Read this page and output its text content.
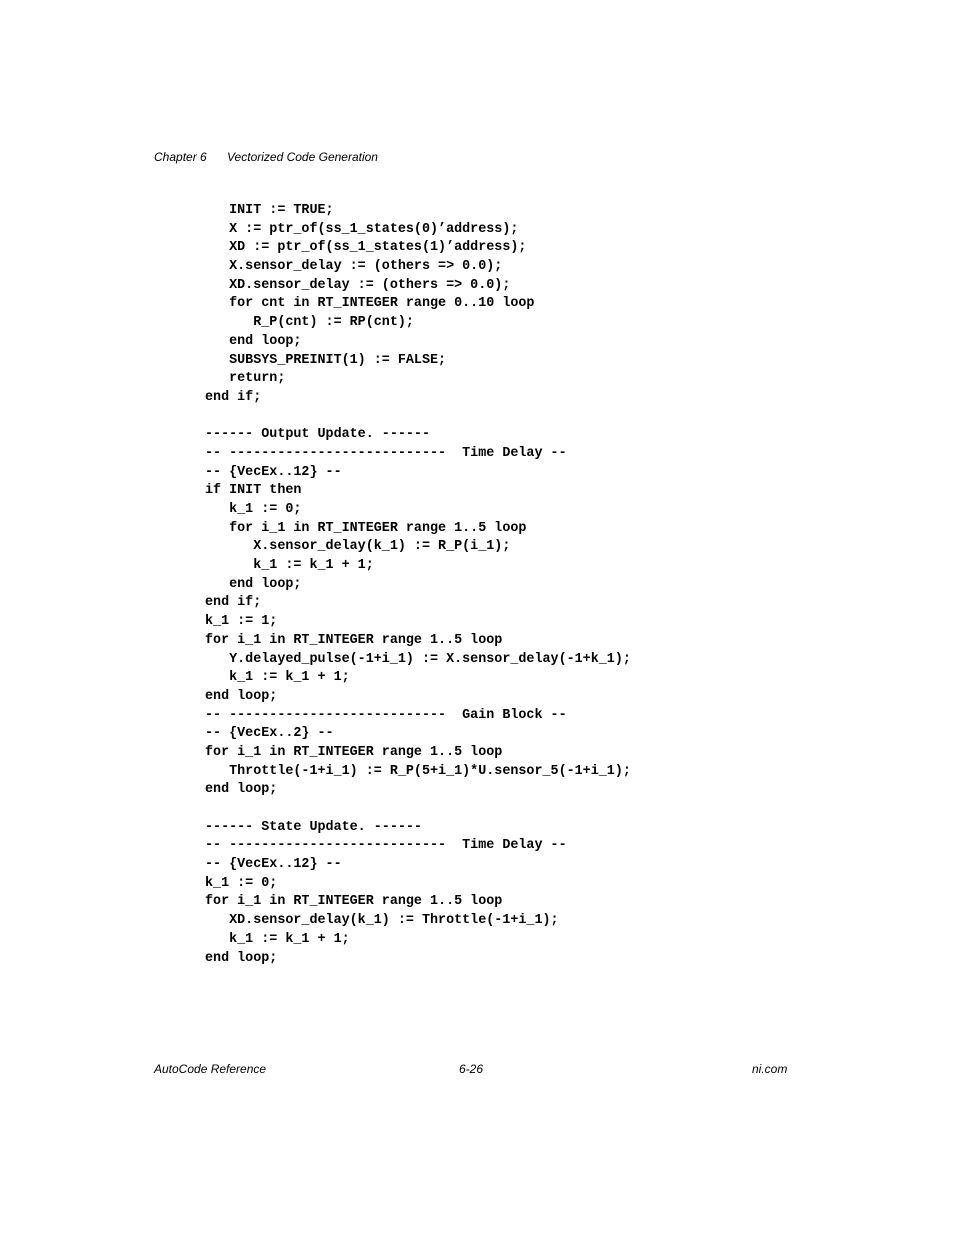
Chapter 6 Vectorized Code Generation
INIT := TRUE;
X := ptr_of(ss_1_states(0)’address);
XD := ptr_of(ss_1_states(1)’address);
X.sensor_delay := (others => 0.0);
XD.sensor_delay := (others => 0.0);
for cnt in RT_INTEGER range 0..10 loop
R_P(cnt) := RP(cnt);
end loop;
SUBSYS_PREINIT(1) := FALSE;
return;
end if;
------ Output Update. ------
-- ---------------------------  Time Delay --
-- {VecEx..12} --
if INIT then
k_1 := 0;
for i_1 in RT_INTEGER range 1..5 loop
X.sensor_delay(k_1) := R_P(i_1);
k_1 := k_1 + 1;
end loop;
end if;
k_1 := 1;
for i_1 in RT_INTEGER range 1..5 loop
Y.delayed_pulse(-1+i_1) := X.sensor_delay(-1+k_1);
k_1 := k_1 + 1;
end loop;
-- ---------------------------  Gain Block --
-- {VecEx..2} --
for i_1 in RT_INTEGER range 1..5 loop
Throttle(-1+i_1) := R_P(5+i_1)*U.sensor_5(-1+i_1);
end loop;
------ State Update. ------
-- ---------------------------  Time Delay --
-- {VecEx..12} --
k_1 := 0;
for i_1 in RT_INTEGER range 1..5 loop
XD.sensor_delay(k_1) := Throttle(-1+i_1);
k_1 := k_1 + 1;
end loop;
AutoCode Reference	6-26	ni.com
